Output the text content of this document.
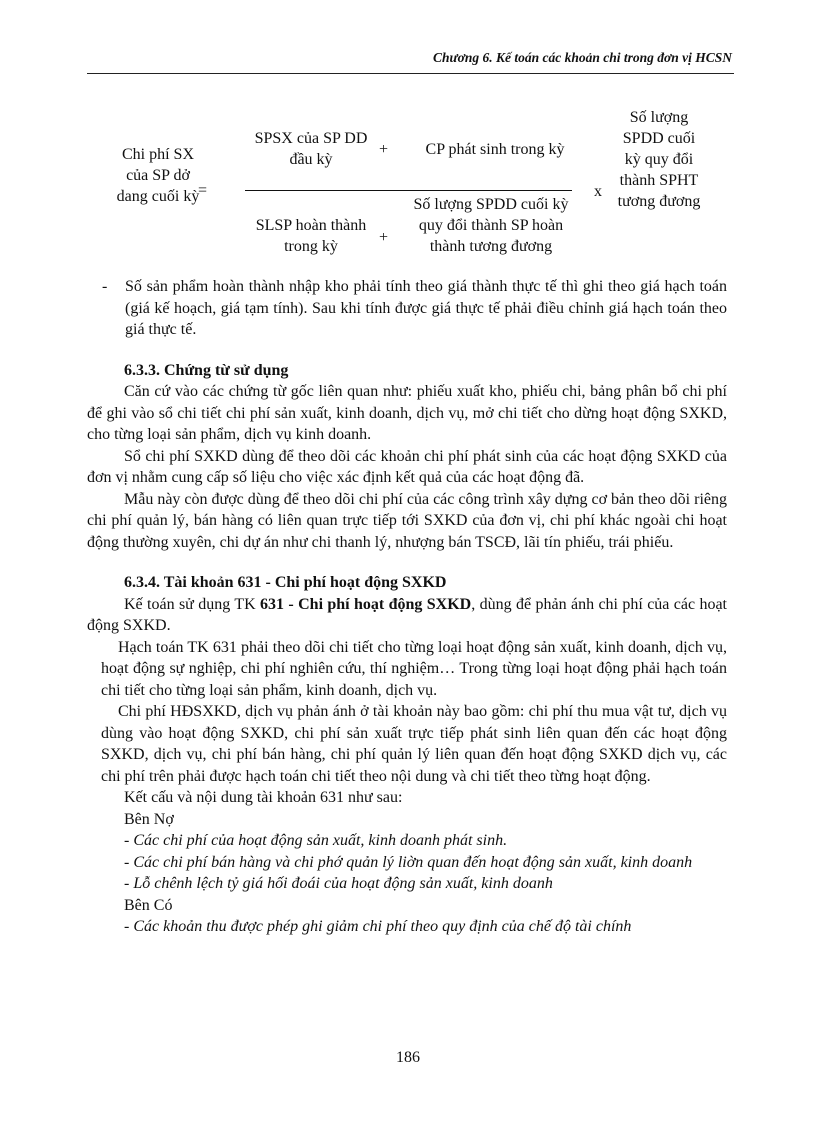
Chương 6. Kế toán các khoản chi trong đơn vị HCSN
Chi phí SX của SP dở dang cuối kỳ
=
SPSX của SP DD đầu kỳ
+	CP phát sinh trong kỳ
SLSP hoàn thành trong kỳ
+
Số lượng SPDD cuối kỳ quy đổi thành SP hoàn thành tương đương
x
Số lượng SPDD cuối kỳ quy đổi thành SPHT tương đương

- Số sản phẩm hoàn thành nhập kho phải tính theo giá thành thực tế thì ghi theo giá hạch toán (giá kế hoạch, giá tạm tính). Sau khi tính được giá thực tế phải điều chỉnh giá hạch toán theo giá thực tế.

6.3.3. Chứng từ sử dụng

Căn cứ vào các chứng từ gốc liên quan như: phiếu xuất kho, phiếu chi, bảng phân bổ chi phí để ghi vào sổ chi tiết chi phí sản xuất, kinh doanh, dịch vụ, mở chi tiết cho dừng hoạt động SXKD, cho từng loại sản phẩm, dịch vụ kinh doanh.

Sổ chi phí SXKD dùng để theo dõi các khoản chi phí phát sinh của các hoạt động SXKD của đơn vị nhằm cung cấp số liệu cho việc xác định kết quả của các hoạt động đã.

Mẫu này còn được dùng để theo dõi chi phí của các công trình xây dựng cơ bản theo dõi riêng chi phí quản lý, bán hàng có liên quan trực tiếp tới SXKD của đơn vị, chi phí khác ngoài chi hoạt động thường xuyên, chi dự án như chi thanh lý, nhượng bán TSCĐ, lãi tín phiếu, trái phiếu.

6.3.4. Tài khoản 631 - Chi phí hoạt động SXKD

Kế toán sử dụng TK 631 - Chi phí hoạt động SXKD, dùng để phản ánh chi phí của các hoạt động SXKD.

Hạch toán TK 631 phải theo dõi chi tiết cho từng loại hoạt động sản xuất, kinh doanh, dịch vụ, hoạt động sự nghiệp, chi phí nghiên cứu, thí nghiệm… Trong từng loại hoạt động phải hạch toán chi tiết cho từng loại sản phẩm, kinh doanh, dịch vụ.

Chi phí HĐSXKD, dịch vụ phản ánh ở tài khoản này bao gồm: chi phí thu mua vật tư, dịch vụ dùng vào hoạt động SXKD, chi phí sản xuất trực tiếp phát sinh liên quan đến các hoạt động SXKD, dịch vụ, chi phí bán hàng, chi phí quản lý liên quan đến hoạt động SXKD dịch vụ, các chi phí trên phải được hạch toán chi tiết theo nội dung và chi tiết theo từng hoạt động.

Kết cấu và nội dung tài khoản 631 như sau:

Bên Nợ

- Các chi phí của hoạt động sản xuất, kinh doanh phát sinh.

- Các chi phí bán hàng và chi phớ quản lý liờn quan đến hoạt động sản xuất, kinh doanh

- Lỗ chênh lệch tỷ giá hối đoái của hoạt động sản xuất, kinh doanh

Bên Có

- Các khoản thu được phép ghi giảm chi phí theo quy định của chế độ tài chính

186
